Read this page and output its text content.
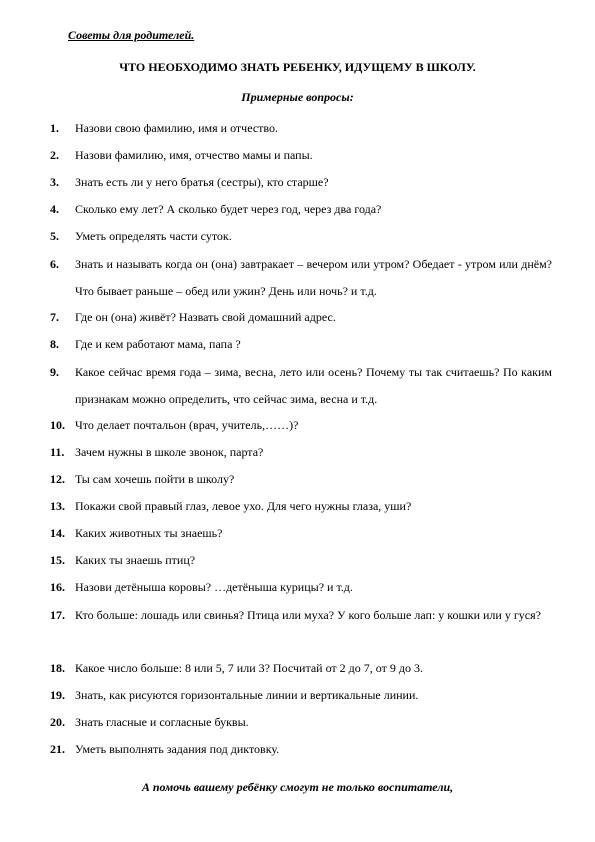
Советы для родителей.
ЧТО НЕОБХОДИМО ЗНАТЬ РЕБЕНКУ, ИДУЩЕМУ В ШКОЛУ.
Примерные вопросы:
1.	Назови свою фамилию, имя и отчество.
2.	Назови фамилию, имя, отчество мамы и папы.
3.	Знать есть ли у него братья (сестры), кто старше?
4.	Сколько ему лет? А сколько будет через год, через два года?
5.	Уметь определять части суток.
6.	Знать и называть когда он (она) завтракает – вечером или утром? Обедает - утром или днём? Что бывает раньше – обед или ужин? День или ночь? и т.д.
7.	Где он (она) живёт? Назвать свой домашний адрес.
8.	Где и кем работают мама, папа ?
9.	Какое сейчас время года – зима, весна, лето или осень? Почему ты так считаешь? По каким признакам можно определить, что сейчас зима, весна и т.д.
10. Что делает почтальон (врач, учитель,……)?
11. Зачем нужны в школе звонок, парта?
12. Ты сам хочешь пойти в школу?
13. Покажи свой правый глаз, левое ухо. Для чего нужны глаза, уши?
14. Каких животных ты знаешь?
15. Каких ты знаешь птиц?
16. Назови детёныша коровы? …детёныша курицы? и т.д.
17. Кто больше: лошадь или свинья? Птица или муха? У кого больше лап: у кошки или у гуся?
18. Какое число больше: 8 или 5, 7 или 3? Посчитай от 2 до 7, от 9 до 3.
19. Знать, как рисуются горизонтальные линии и вертикальные линии.
20. Знать гласные и согласные буквы.
21. Уметь выполнять задания под диктовку.
А помочь вашему ребёнку смогут не только воспитатели,
